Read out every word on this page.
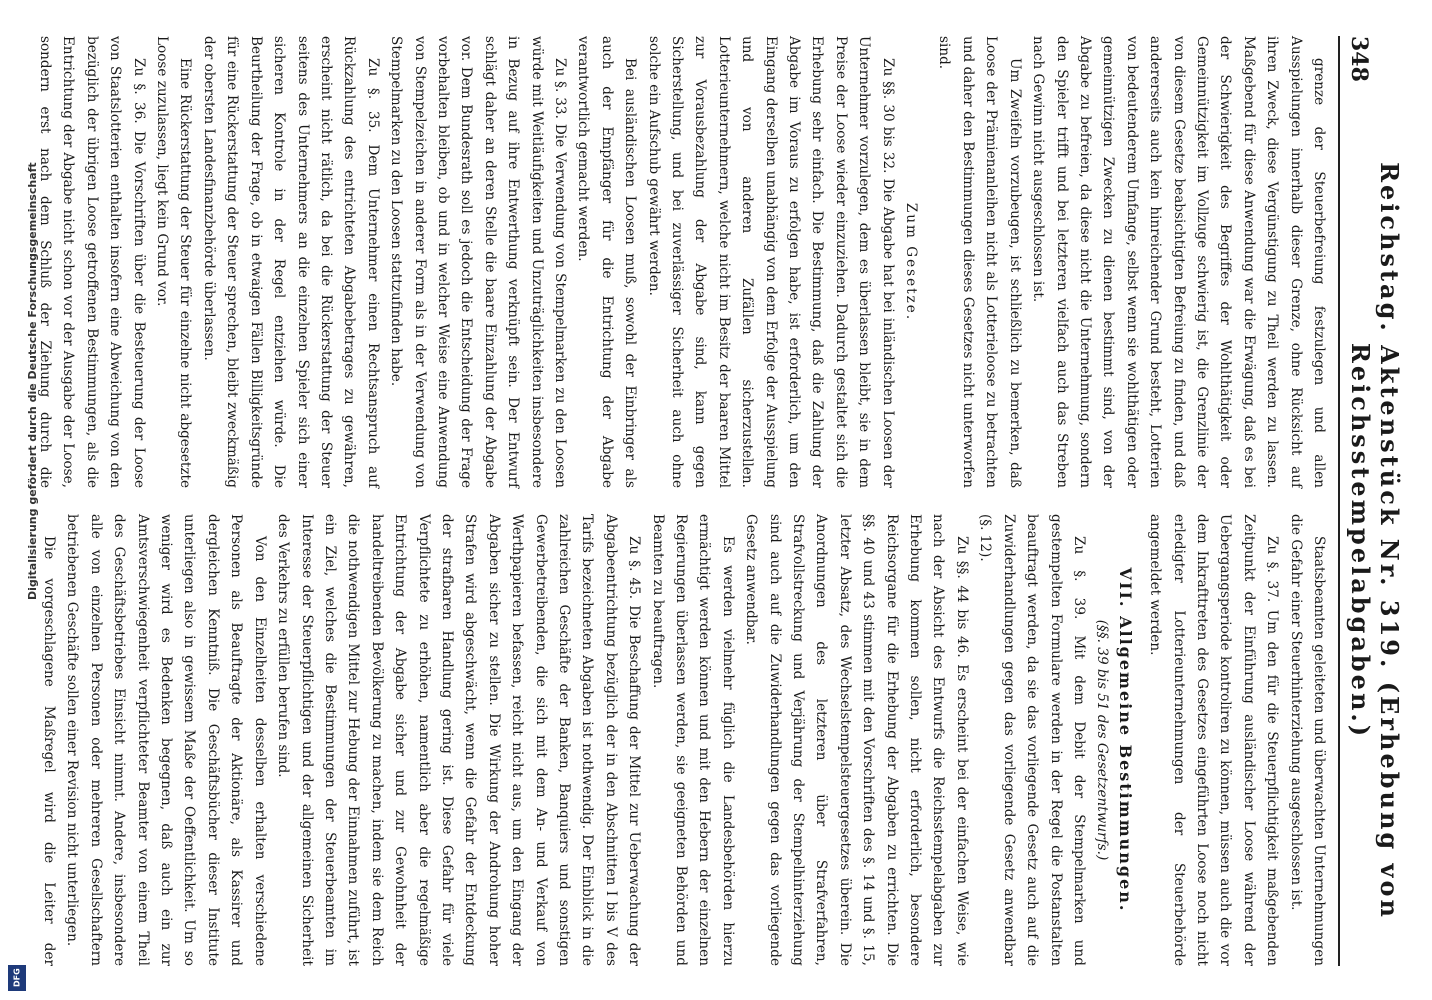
348
Reichstag. Aktenstück Nr. 319. (Erhebung von Reichsstempelabgaben.)

grenze der Steuerbefreiung festzulegen und allen Ausspielungen innerhalb dieser Grenze, ohne Rücksicht auf ihren Zweck, diese Vergünstigung zu Theil werden zu lassen. Maßgebend für diese Anwendung war die Erwägung, daß es bei der Schwierigkeit des Begriffes der Wohlthätigkeit oder Gemeinnützigkeit im Vollzuge schwierig ist, die Grenzlinie der von diesem Gesetze beabsichtigten Befreiung zu finden, und daß andererseits auch kein hinreichender Grund besteht, Lotterien von bedeutenderem Umfange, selbst wenn sie wohlthätigen oder gemeinnützigen Zwecken zu dienen bestimmt sind, von der Abgabe zu befreien, da diese nicht die Unternehmung, sondern den Spieler trifft und bei letzteren vielfach auch das Streben nach Gewinn nicht ausgeschlossen ist.

Um Zweifeln vorzubeugen, ist schließlich zu bemerken, daß Loose der Prämienanleihen nicht als Lotterieloose zu betrachten und daher den Bestimmungen dieses Gesetzes nicht unterworfen sind.

Zum Gesetze.

Zu §§. 30 bis 32. Die Abgabe hat bei inländischen Loosen der Unternehmer vorzulegen, dem es überlassen bleibt, sie in dem Preise der Loose wieder einzuziehen. Dadurch gestaltet sich die Erhebung sehr einfach. Die Bestimmung, daß die Zahlung der Abgabe im Voraus zu erfolgen habe, ist erforderlich, um den Eingang derselben unabhängig von dem Erfolge der Ausspielung und von anderen Zufällen sicherzustellen. Lotterieunternehmern, welche nicht im Besitz der baaren Mittel zur Vorausbezahlung der Abgabe sind, kann gegen Sicherstellung, und bei zuverlässiger Sicherheit auch ohne solche ein Aufschub gewährt werden.

Bei ausländischen Loosen muß, sowohl der Einbringer als auch der Empfänger für die Entrichtung der Abgabe verantwortlich gemacht werden.

Zu §. 33. Die Verwendung von Stempelmarken zu den Loosen würde mit Weitläufigkeiten und Unzuträglichkeiten insbesondere in Bezug auf ihre Entwerthung verknüpft sein. Der Entwurf schlägt daher an deren Stelle die baare Einzahlung der Abgabe vor. Dem Bundesrath soll es jedoch die Entscheidung der Frage vorbehalten bleiben, ob und in welcher Weise eine Anwendung von Stempelzeichen in anderer Form als in der Verwendung von Stempelmarken zu den Loosen stattzufinden habe.

Zu §. 35. Dem Unternehmer einen Rechtsanspruch auf Rückzahlung des entrichteten Abgabebetrages zu gewähren, erscheint nicht rätlich, da bei die Rückerstattung der Steuer seitens des Unternehmers an die einzelnen Spieler sich einer sicheren Kontrole in der Regel entziehen würde. Die Beurtheilung der Frage, ob in etwaigen Fällen Billigkeitsgründe für eine Rückerstattung der Steuer sprechen, bleibt zweckmäßig der obersten Landesfinanzbehörde überlassen.

Eine Rückerstattung der Steuer für einzelne nicht abgesetzte Loose zuzulassen, liegt kein Grund vor.

Zu §. 36. Die Vorschriften über die Besteuerung der Loose von Staatslotterien enthalten insofern eine Abweichung von den bezüglich der übrigen Loose getroffenen Bestimmungen, als die Entrichtung der Abgabe nicht schon vor der Ausgabe der Loose, sondern erst nach dem Schluß der Ziehung durch die

Staatsbeamten geleiteten und überwachten Unternehmungen die Gefahr einer Steuerhinterziehung ausgeschlossen ist.

Zu §. 37. Um den für die Steuerpflichtigkeit maßgebenden Zeitpunkt der Einführung ausländischer Loose während der Uebergangsperiode kontroliren zu können, müssen auch die vor dem Inkrafttreten des Gesetzes eingeführten Loose noch nicht erledigter Lotterieunternehmungen der Steuerbehörde angemeldet werden.

VII. Allgemeine Bestimmungen.

(§§. 39 bis 51 des Gesetzentwurfs.)

Zu §. 39. Mit dem Debit der Stempelmarken und gestempelten Formulare werden in der Regel die Postanstalten beauftragt werden, da sie das vorliegende Gesetz auch auf die Zuwiderhandlungen gegen das vorliegende Gesetz anwendbar (§. 12).

Zu §§. 44 bis 46. Es erscheint bei der einfachen Weise, wie nach der Absicht des Entwurfs die Reichsstempelabgaben zur Erhebung kommen sollen, nicht erforderlich, besondere Reichsorgane für die Erhebung der Abgaben zu errichten. Die §§. 40 und 43 stimmen mit den Vorschriften des §. 14 und §. 15, letzter Absatz, des Wechselstempelsteuergesetzes überein. Die Anordnungen des letzteren über Strafverfahren, Strafvollstreckung und Verjährung der Stempelhinterziehung sind auch auf die Zuwiderhandlungen gegen das vorliegende Gesetz anwendbar.

Es werden vielmehr füglich die Landesbehörden hierzu ermächtigt werden können und mit den Hebern der einzelnen Regierungen überlassen werden, sie geeigneten Behörden und Beamten zu beauftragen.

Zu §. 45. Die Beschaffung der Mittel zur Ueberwachung der Abgabeentrichtung bezüglich der in den Abschnitten I bis V des Tarifs bezeichneten Abgaben ist nothwendig. Der Einblick in die zahlreichen Geschäfte der Banken, Banquiers und sonstigen Gewerbetreibenden, die sich mit dem An- und Verkauf von Werthpapieren befassen, reicht nicht aus, um den Eingang der Abgaben sicher zu stellen. Die Wirkung der Androhung hoher Strafen wird abgeschwächt, wenn die Gefahr der Entdeckung der strafbaren Handlung gering ist. Diese Gefahr für viele Verpflichtete zu erhöhen, namentlich aber die regelmäßige Entrichtung der Abgabe sicher und zur Gewohnheit der handeltreibenden Bevölkerung zu machen, indem sie dem Reich die nothwendigen Mittel zur Hebung der Einnahmen zuführt, ist ein Ziel, welches die Bestimmungen der Steuerbeamten im Interesse der Steuerpflichtigen und der allgemeinen Sicherheit des Verkehrs zu erfüllen berufen sind.

Von den Einzelheiten desselben erhalten verschiedene Personen als Beauftragte der Aktionäre, als Kassirer und dergleichen Kenntniß. Die Geschäftsbücher dieser Institute unterliegen also in gewissem Maße der Oeffentlichkeit. Um so weniger wird es Bedenken begegnen, daß auch ein zur Amtsverschwiegenheit verpflichteter Beamter von einem Theil des Geschäftsbetriebes Einsicht nimmt. Andere, insbesondere alle von einzelnen Personen oder mehreren Gesellschaftern betriebenen Geschäfte sollen einer Revision nicht unterliegen.

Die vorgeschlagene Maßregel wird die Leiter der

Digitalisierung gefördert durch die Deutsche Forschungsgemeinschaft
DFG
